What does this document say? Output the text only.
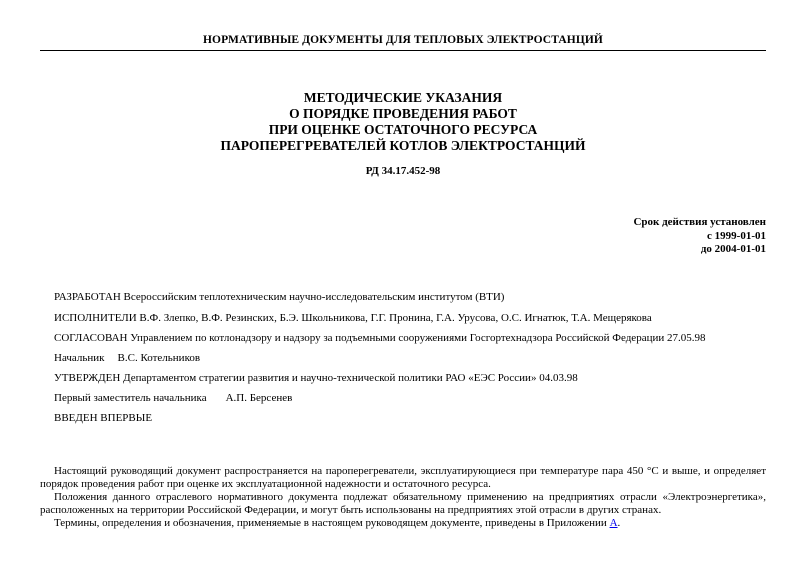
НОРМАТИВНЫЕ ДОКУМЕНТЫ ДЛЯ ТЕПЛОВЫХ ЭЛЕКТРОСТАНЦИЙ
МЕТОДИЧЕСКИЕ УКАЗАНИЯ
О ПОРЯДКЕ ПРОВЕДЕНИЯ РАБОТ
ПРИ ОЦЕНКЕ ОСТАТОЧНОГО РЕСУРСА
ПАРОПЕРЕГРЕВАТЕЛЕЙ КОТЛОВ ЭЛЕКТРОСТАНЦИЙ
РД 34.17.452-98
Срок действия установлен
с 1999-01-01
до 2004-01-01
РАЗРАБОТАН Всероссийским теплотехническим научно-исследовательским институтом (ВТИ)
ИСПОЛНИТЕЛИ В.Ф. Злепко, В.Ф. Резинских, Б.Э. Школьникова, Г.Г. Пронина, Г.А. Урусова, О.С. Игнатюк, Т.А. Мещерякова
СОГЛАСОВАН Управлением по котлонадзору и надзору за подъемными сооружениями Госгортехнадзора Российской Федерации 27.05.98
Начальник В.С. Котельников
УТВЕРЖДЕН Департаментом стратегии развития и научно-технической политики РАО «ЕЭС России» 04.03.98
Первый заместитель начальника А.П. Берсенев
ВВЕДЕН ВПЕРВЫЕ

Настоящий руководящий документ распространяется на пароперегреватели, эксплуатирующиеся при температуре пара 450 °С и выше, и определяет порядок проведения работ при оценке их эксплуатационной надежности и остаточного ресурса.

Положения данного отраслевого нормативного документа подлежат обязательному применению на предприятиях отрасли «Электроэнергетика», расположенных на территории Российской Федерации, и могут быть использованы на предприятиях этой отрасли в других странах.

Термины, определения и обозначения, применяемые в настоящем руководящем документе, приведены в Приложении А.
